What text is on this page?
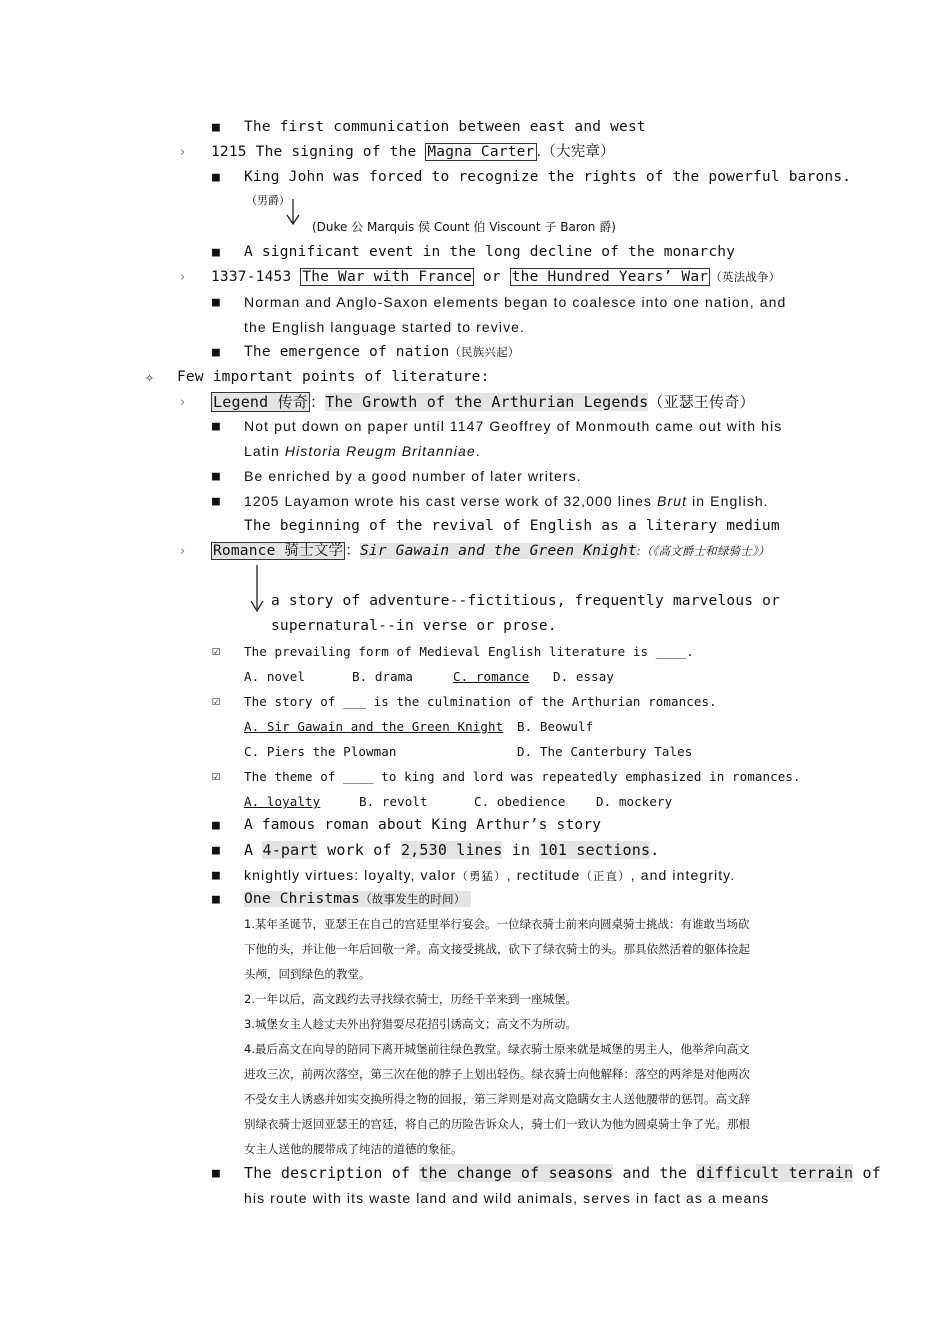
■ The first communication between east and west
› 1215 The signing of the Magna Carter .（大宪章）
■ King John was forced to recognize the rights of the powerful barons.
（男爵）
(Duke 公 Marquis 侯 Count 伯 Viscount 子 Baron 爵)
■ A significant event in the long decline of the monarchy
› 1337-1453 The War with France or the Hundred Years’ War （英法战争）
■ Norman and Anglo-Saxon elements began to coalesce into one nation, and
the English language started to revive.
■ The emergence of nation（民族兴起）
✧ Few important points of literature:
› Legend 传奇 ：The Growth of the Arthurian Legends（亚瑟王传奇）
■ Not put down on paper until 1147 Geoffrey of Monmouth came out with his
Latin Historia Reugm Britanniae.
■ Be enriched by a good number of later writers.
■ 1205 Layamon wrote his cast verse work of 32,000 lines Brut in English.
The beginning of the revival of English as a literary medium
› Romance 骑士文学 ：Sir Gawain and the Green Knight:（《高文爵士和绿骑士》）
a story of adventure--fictitious, frequently marvelous or
supernatural--in verse or prose.
☑ The prevailing form of Medieval English literature is ____.
A. novel	B. drama	C. romance D. essay
☑ The story of ___ is the culmination of the Arthurian romances.
A. Sir Gawain and the Green Knight B. Beowulf
C. Piers the Plowman	D. The Canterbury Tales
☑ The theme of ____ to king and lord was repeatedly emphasized in romances.
A. loyalty	B. revolt	C. obedience D. mockery
■ A famous roman about King Arthur’s story
■ A 4-part work of 2,530 lines in 101 sections.
■ knightly virtues: loyalty, valor（勇猛）, rectitude（正直）, and integrity.
■ One Christmas（故事发生的时间）
1.某年圣诞节，亚瑟王在自己的宫廷里举行宴会。一位绿衣骑士前来向圆桌骑士挑战：有谁敢当场砍
下他的头，并让他一年后回敬一斧。高文接受挑战，砍下了绿衣骑士的头。那具依然活着的躯体捡起
头颅，回到绿色的教堂。
2.一年以后，高文践约去寻找绿衣骑士，历经千辛来到一座城堡。
3.城堡女主人趁丈夫外出狩猎耍尽花招引诱高文；高文不为所动。
4.最后高文在向导的陪同下离开城堡前往绿色教堂。绿衣骑士原来就是城堡的男主人，他举斧向高文
进攻三次，前两次落空，第三次在他的脖子上划出轻伤。绿衣骑士向他解释：落空的两斧是对他两次
不受女主人诱惑并如实交换所得之物的回报，第三斧则是对高文隐瞒女主人送他腰带的惩罚。高文辞
别绿衣骑士返回亚瑟王的宫廷，将自己的历险告诉众人，骑士们一致认为他为圆桌骑士争了光。那根
女主人送他的腰带成了纯洁的道德的象征。
■ The description of the change of seasons and the difficult terrain of
his route with its waste land and wild animals, serves in fact as a means
